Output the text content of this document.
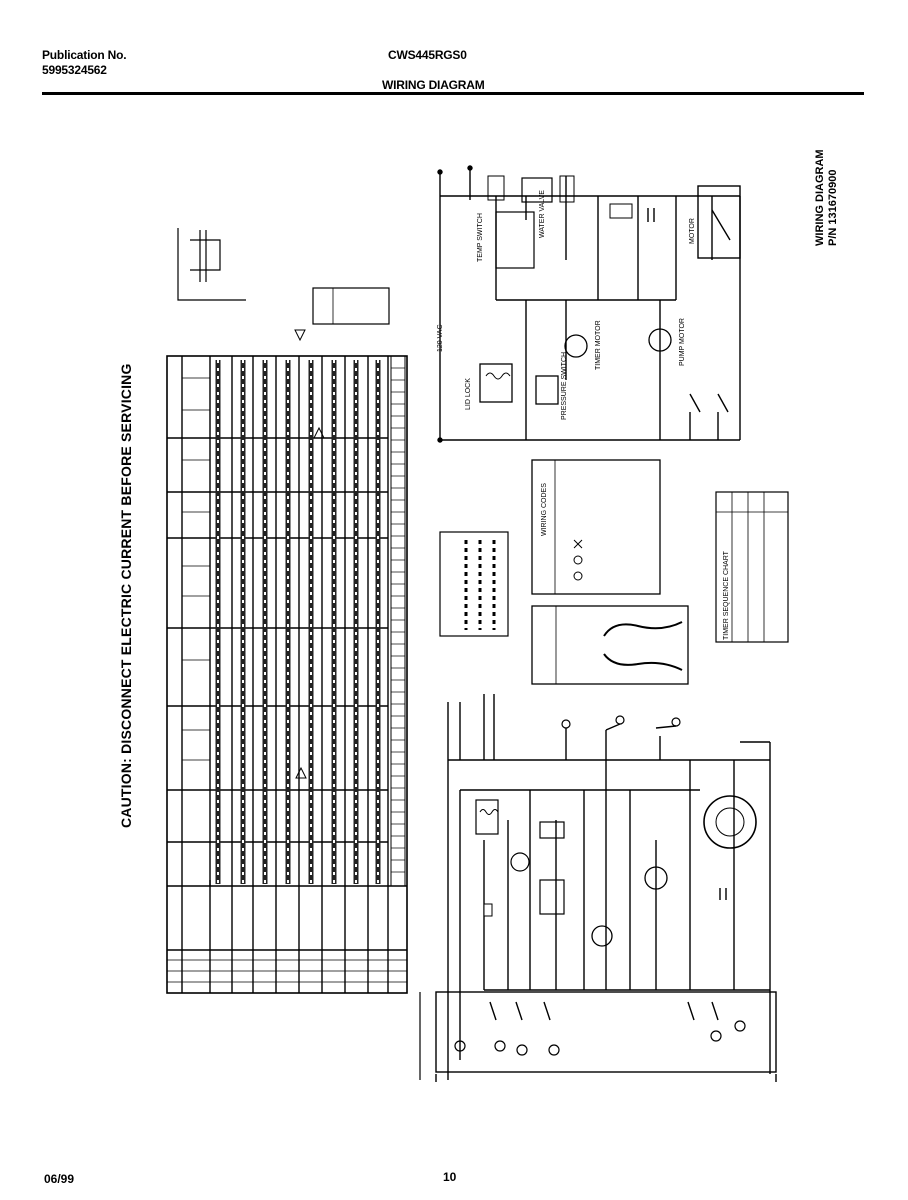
Publication No.
5995324562
CWS445RGS0
WIRING DIAGRAM
CAUTION: DISCONNECT ELECTRIC CURRENT BEFORE SERVICING
WIRING DIAGRAM P/N 131670900
120 VAC	TIMER MOTOR	PUMP MOTOR
PRESSURE SWITCH
LID LOCK
TEMP SWITCH	WATER VALVE	MOTOR
WIRING CODES
TIMER SEQUENCE CHART
06/99	10
